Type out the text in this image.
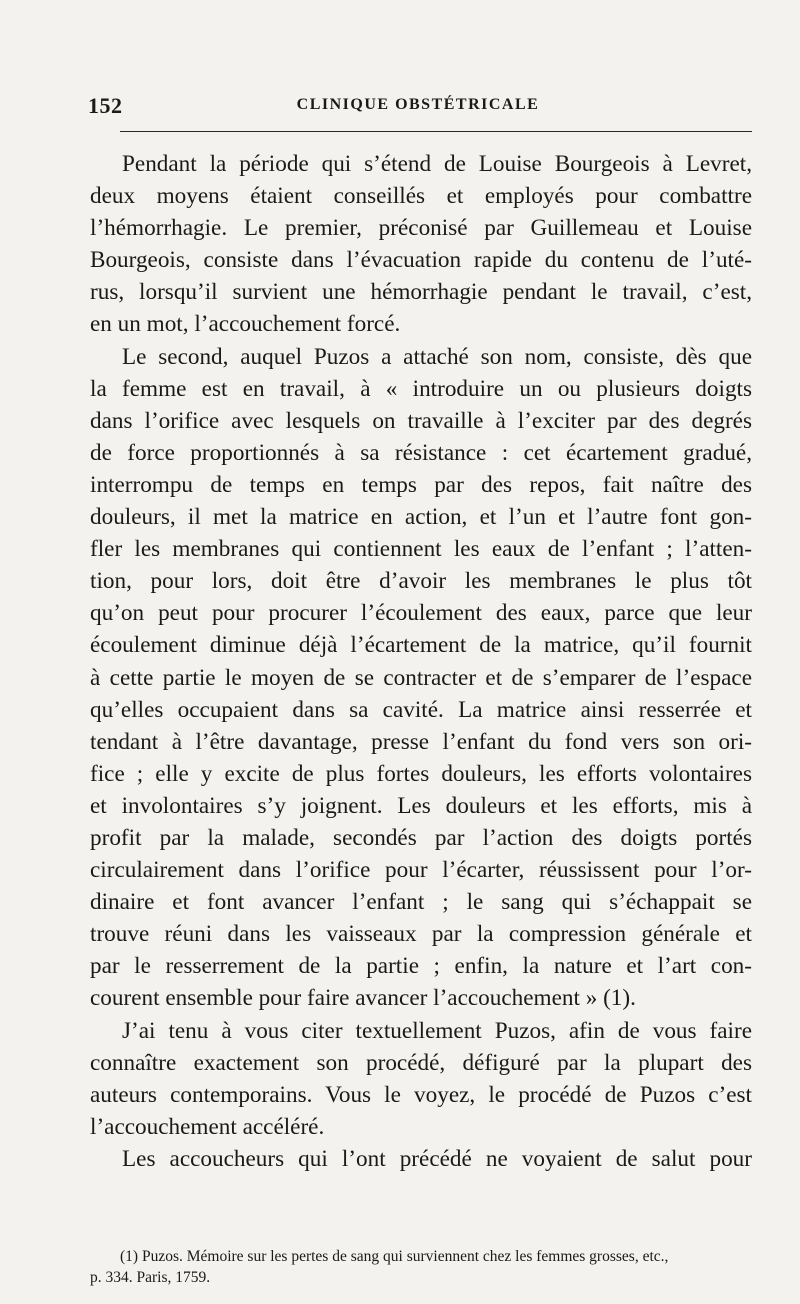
152	CLINIQUE OBSTÉTRICALE
Pendant la période qui s’étend de Louise Bourgeois à Levret,
deux moyens étaient conseillés et employés pour combattre
l’hémorrhagie. Le premier, préconisé par Guillemeau et Louise
Bourgeois, consiste dans l’évacuation rapide du contenu de l’uté-
rus, lorsqu’il survient une hémorrhagie pendant le travail, c’est,
en un mot, l’accouchement forcé.
Le second, auquel Puzos a attaché son nom, consiste, dès que
la femme est en travail, à « introduire un ou plusieurs doigts
dans l’orifice avec lesquels on travaille à l’exciter par des degrés
de force proportionnés à sa résistance : cet écartement gradué,
interrompu de temps en temps par des repos, fait naître des
douleurs, il met la matrice en action, et l’un et l’autre font gon-
fler les membranes qui contiennent les eaux de l’enfant ; l’atten-
tion, pour lors, doit être d’avoir les membranes le plus tôt
qu’on peut pour procurer l’écoulement des eaux, parce que leur
écoulement diminue déjà l’écartement de la matrice, qu’il fournit
à cette partie le moyen de se contracter et de s’emparer de l’espace
qu’elles occupaient dans sa cavité. La matrice ainsi resserrée et
tendant à l’être davantage, presse l’enfant du fond vers son ori-
fice ; elle y excite de plus fortes douleurs, les efforts volontaires
et involontaires s’y joignent. Les douleurs et les efforts, mis à
profit par la malade, secondés par l’action des doigts portés
circulairement dans l’orifice pour l’écarter, réussissent pour l’or-
dinaire et font avancer l’enfant ; le sang qui s’échappait se
trouve réuni dans les vaisseaux par la compression générale et
par le resserrement de la partie ; enfin, la nature et l’art con-
courent ensemble pour faire avancer l’accouchement » (1).
J’ai tenu à vous citer textuellement Puzos, afin de vous faire
connaître exactement son procédé, défiguré par la plupart des
auteurs contemporains. Vous le voyez, le procédé de Puzos c’est
l’accouchement accéléré.
Les accoucheurs qui l’ont précédé ne voyaient de salut pour
(1) Puzos. Mémoire sur les pertes de sang qui surviennent chez les femmes grosses, etc.,
p. 334. Paris, 1759.
